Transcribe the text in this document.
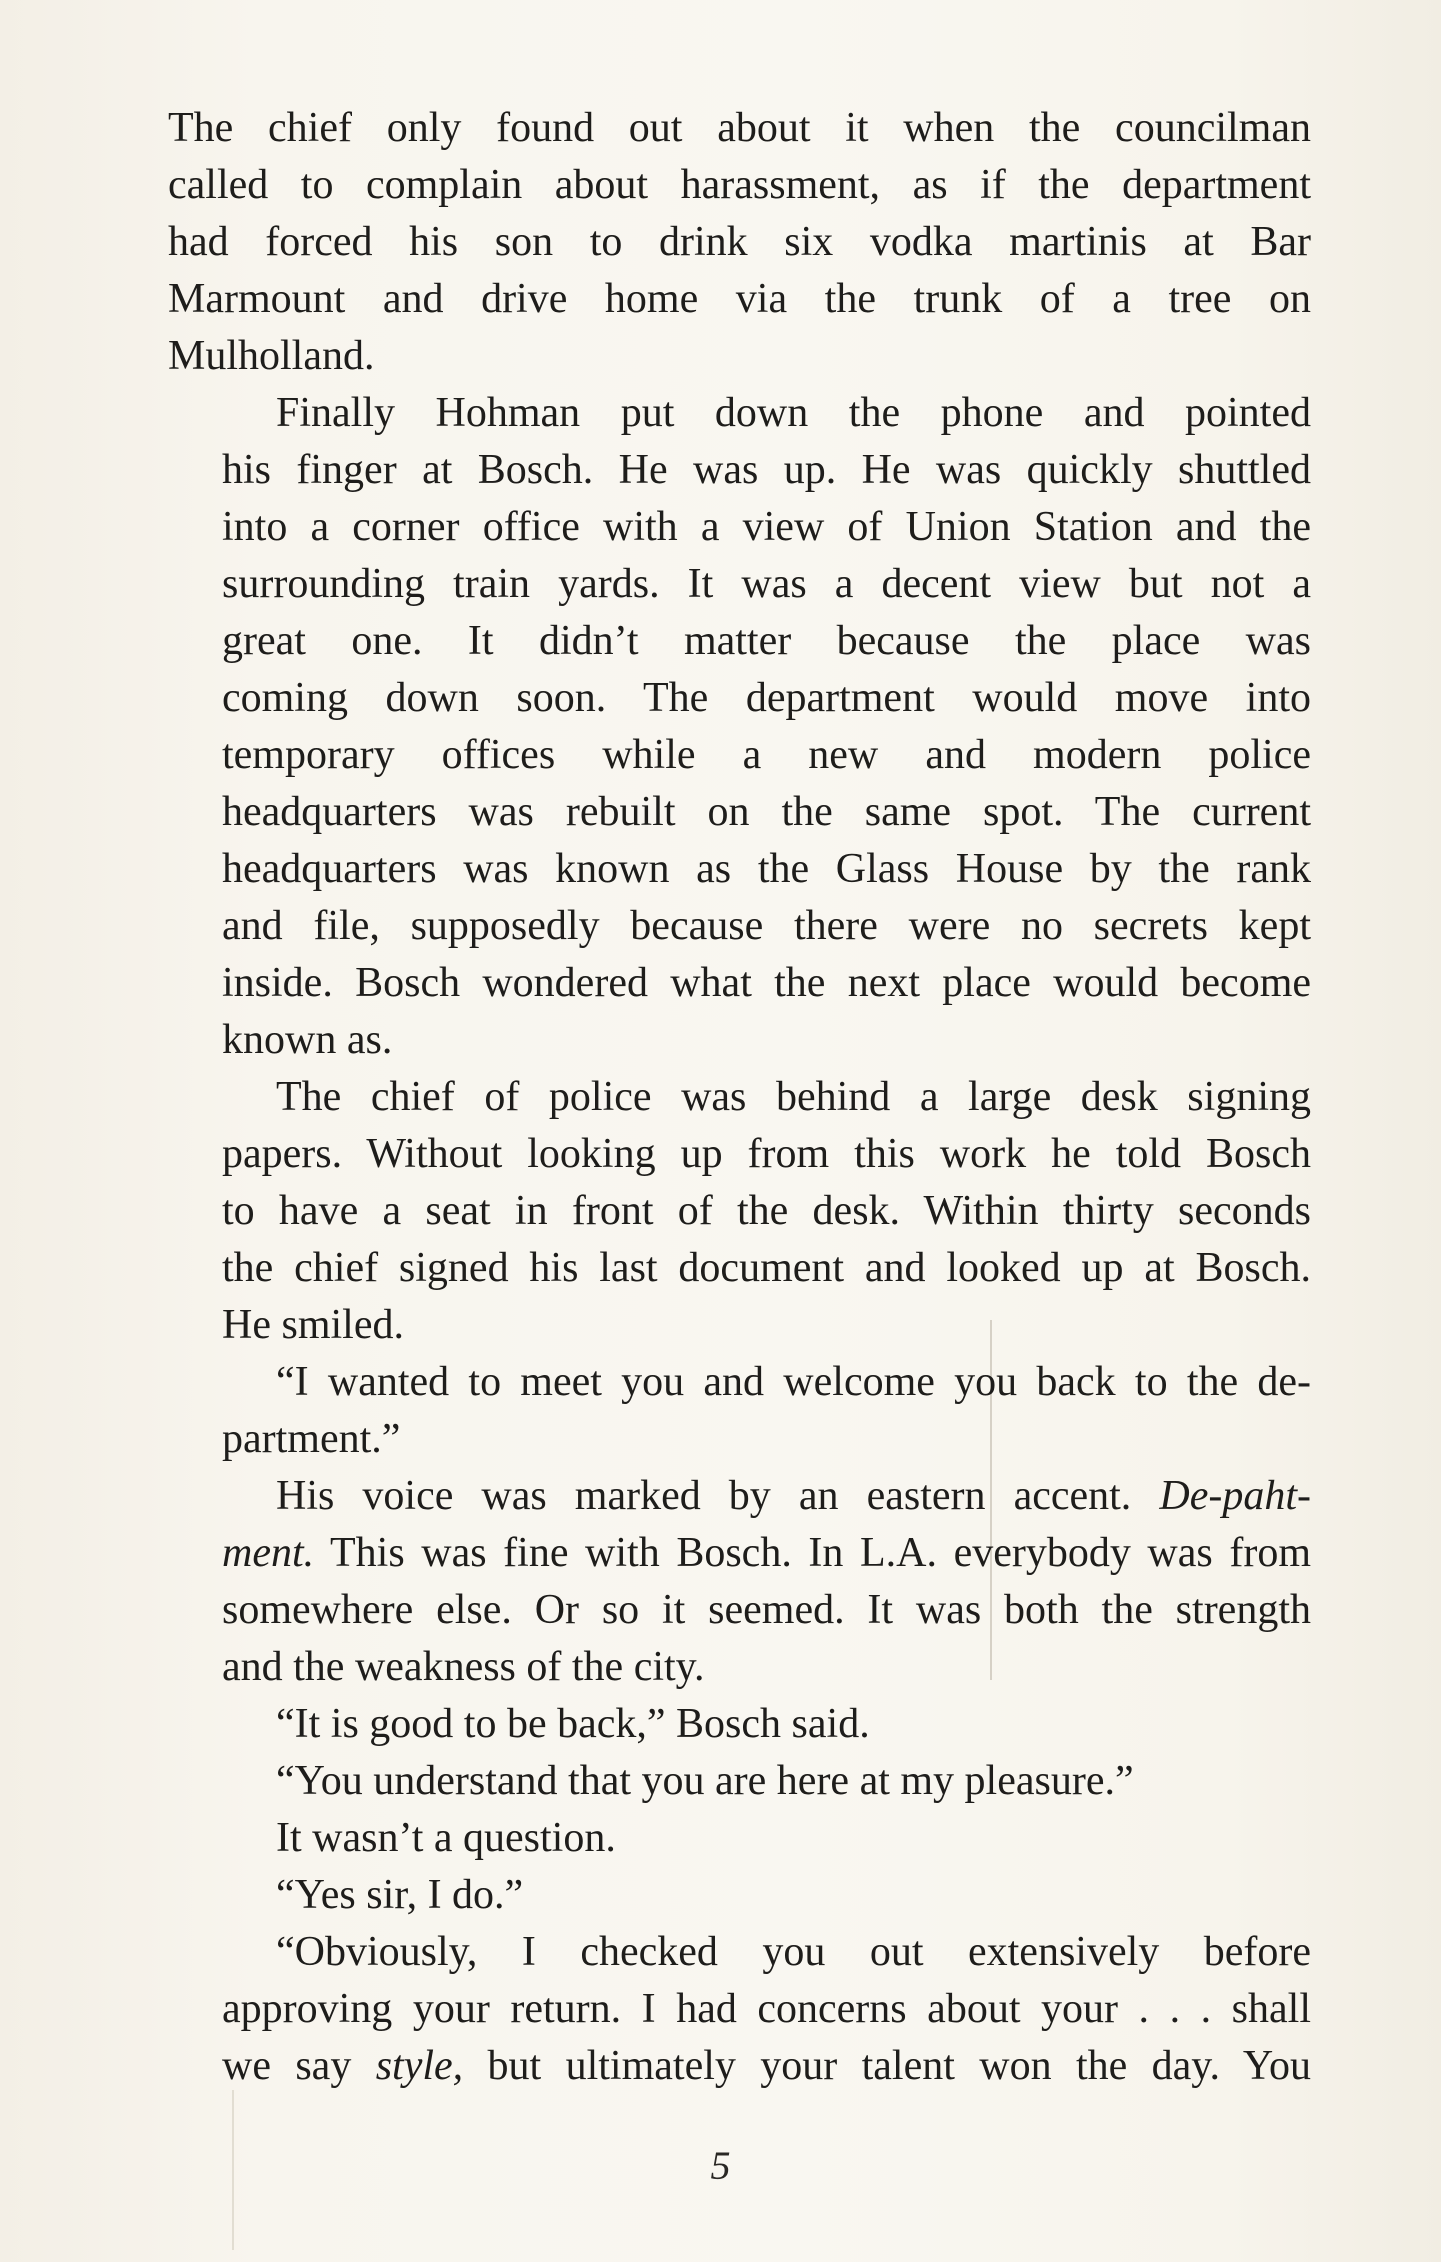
The chief only found out about it when the councilman
called to complain about harassment, as if the department
had forced his son to drink six vodka martinis at Bar
Marmount and drive home via the trunk of a tree on
Mulholland.

Finally Hohman put down the phone and pointed
his finger at Bosch. He was up. He was quickly shuttled
into a corner office with a view of Union Station and the
surrounding train yards. It was a decent view but not a
great one. It didn’t matter because the place was
coming down soon. The department would move into
temporary offices while a new and modern police
headquarters was rebuilt on the same spot. The current
headquarters was known as the Glass House by the rank
and file, supposedly because there were no secrets kept
inside. Bosch wondered what the next place would become
known as.

The chief of police was behind a large desk signing
papers. Without looking up from this work he told Bosch
to have a seat in front of the desk. Within thirty seconds
the chief signed his last document and looked up at Bosch.
He smiled.

“I wanted to meet you and welcome you back to the de-
partment.”

His voice was marked by an eastern accent. De-paht-
ment. This was fine with Bosch. In L.A. everybody was from
somewhere else. Or so it seemed. It was both the strength
and the weakness of the city.

“It is good to be back,” Bosch said.

“You understand that you are here at my pleasure.”

It wasn’t a question.

“Yes sir, I do.”

“Obviously, I checked you out extensively before
approving your return. I had concerns about your . . . shall
we say style, but ultimately your talent won the day. You

5
